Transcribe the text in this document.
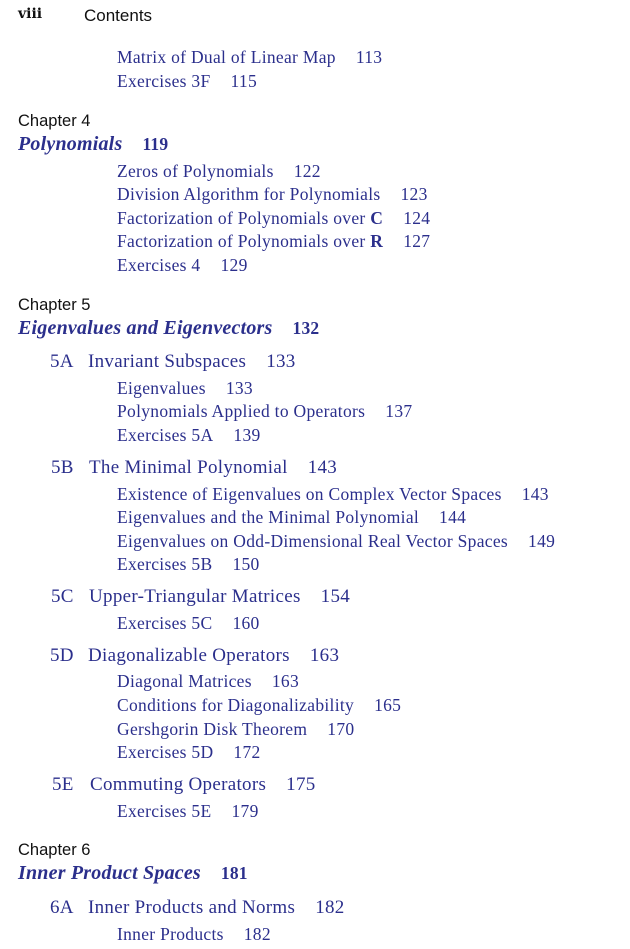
viii Contents
Matrix of Dual of Linear Map 113
Exercises 3F 115
Chapter 4
Polynomials 119
Zeros of Polynomials 122
Division Algorithm for Polynomials 123
Factorization of Polynomials over C 124
Factorization of Polynomials over R 127
Exercises 4 129
Chapter 5
Eigenvalues and Eigenvectors 132
5A Invariant Subspaces 133
Eigenvalues 133
Polynomials Applied to Operators 137
Exercises 5A 139
5B The Minimal Polynomial 143
Existence of Eigenvalues on Complex Vector Spaces 143
Eigenvalues and the Minimal Polynomial 144
Eigenvalues on Odd-Dimensional Real Vector Spaces 149
Exercises 5B 150
5C Upper-Triangular Matrices 154
Exercises 5C 160
5D Diagonalizable Operators 163
Diagonal Matrices 163
Conditions for Diagonalizability 165
Gershgorin Disk Theorem 170
Exercises 5D 172
5E Commuting Operators 175
Exercises 5E 179
Chapter 6
Inner Product Spaces 181
6A Inner Products and Norms 182
Inner Products 182
